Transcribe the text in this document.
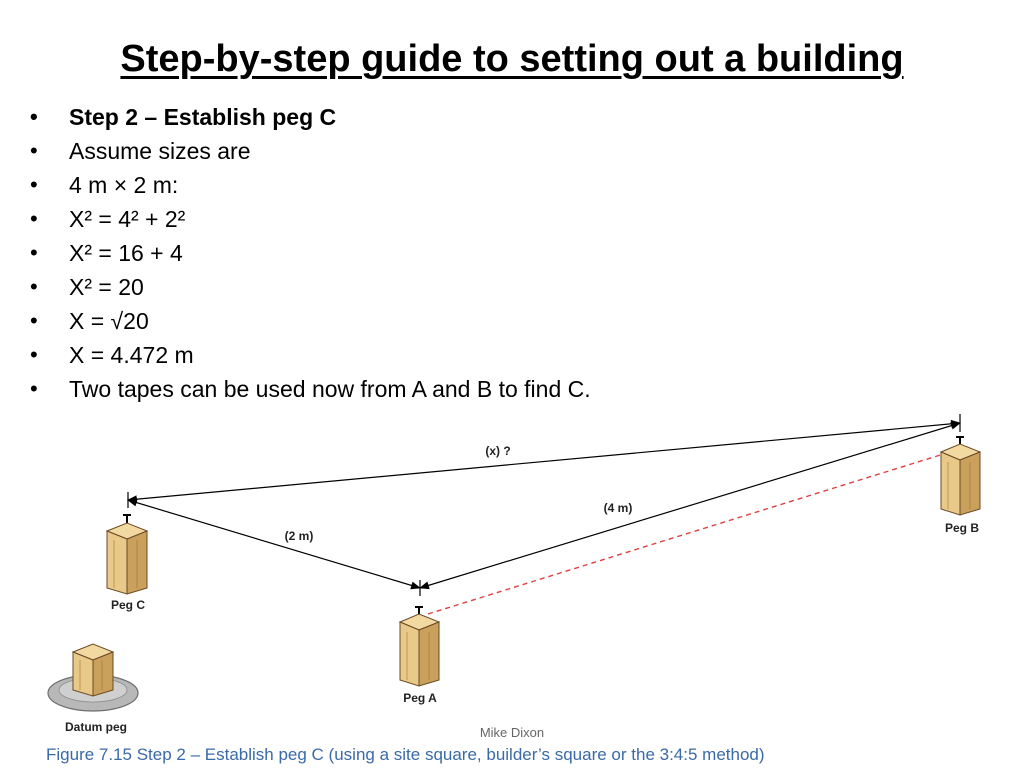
Step-by-step guide to setting out a building
• Step 2 – Establish peg C
• Assume sizes are
• 4 m × 2 m:
• X² = 4² + 2²
• X² = 16 + 4
• X² = 20
• X = √20
• X = 4.472 m
• Two tapes can be used now from A and B to find C.
(x) ?
(2 m)
(4 m)
Peg C
Peg A
Peg B
Datum peg	Mike Dixon
Figure 7.15 Step 2 – Establish peg C (using a site square, builder’s square or the 3:4:5 method)
